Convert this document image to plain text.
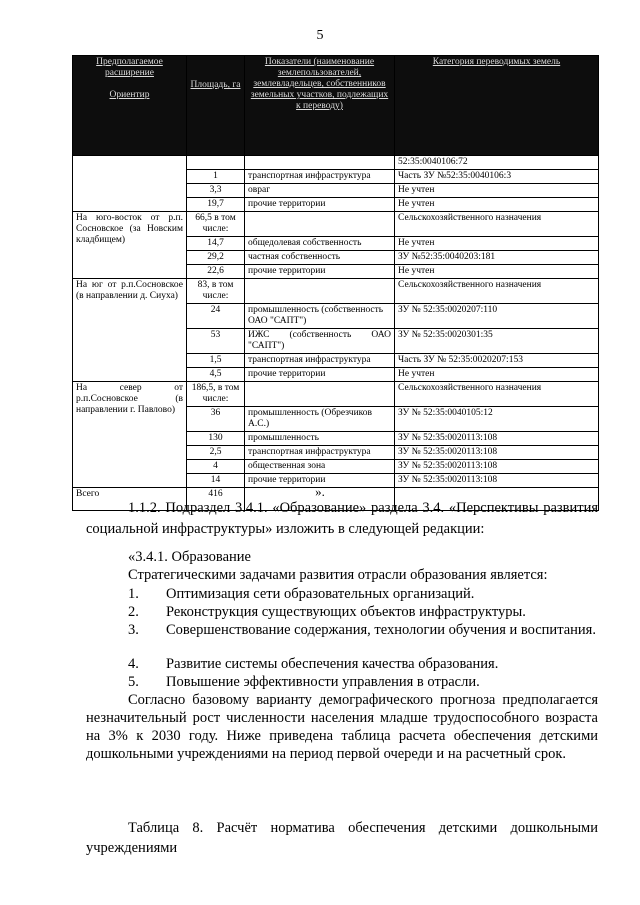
5
Предполагаемое расширение

Ориентир	Площадь, га	Показатели (наименование землепользователей, землевладельцев, собственников земельных участков, подлежащих к переводу)	Категория переводимых земель
			52:35:0040106:72
	1	транспортная инфраструктура	Часть ЗУ №52:35:0040106:3
	3,3	овраг	Не учтен
	19,7	прочие территории	Не учтен
На юго-восток от р.п. Сосновское (за Новским кладбищем)	66,5 в том числе:		Сельскохозяйственного назначения
	14,7	общедолевая собственность	Не учтен
	29,2	частная собственность	ЗУ №52:35:0040203:181
	22,6	прочие территории	Не учтен
На юг от р.п.Сосновское (в направлении д. Сиуха)	83, в том числе:		Сельскохозяйственного назначения
	24	промышленность (собственность ОАО "САПТ")	ЗУ № 52:35:0020207:110
	53	ИЖС (собственность ОАО "САПТ")	ЗУ № 52:35:0020301:35
	1,5	транспортная инфраструктура	Часть ЗУ № 52:35:0020207:153
	4,5	прочие территории	Не учтен
На север от р.п.Сосновское (в направлении г. Павлово)	186,5, в том числе:		Сельскохозяйственного назначения
	36	промышленность (Обрезчиков А.С.)	ЗУ № 52:35:0040105:12
	130	промышленность	ЗУ № 52:35:0020113:108
	2,5	транспортная инфраструктура	ЗУ № 52:35:0020113:108
	4	общественная зона	ЗУ № 52:35:0020113:108
	14	прочие территории	ЗУ № 52:35:0020113:108
Всего	416			».

1.1.2. Подраздел 3.4.1. «Образование» раздела 3.4. «Перспективы развития социальной инфраструктуры» изложить в следующей редакции:

«3.4.1. Образование

Стратегическими задачами развития отрасли образования является:

1. Оптимизация сети образовательных организаций.
2. Реконструкция существующих объектов инфраструктуры.
3. Совершенствование содержания, технологии обучения и воспитания.
4. Развитие системы обеспечения качества образования.
5. Повышение эффективности управления в отрасли.

Согласно базовому варианту демографического прогноза предполагается незначительный рост численности населения младше трудоспособного возраста на 3% к 2030 году. Ниже приведена таблица расчета обеспечения детскими дошкольными учреждениями на период первой очереди и на расчетный срок.

Таблица 8. Расчёт норматива обеспечения детскими дошкольными учреждениями
